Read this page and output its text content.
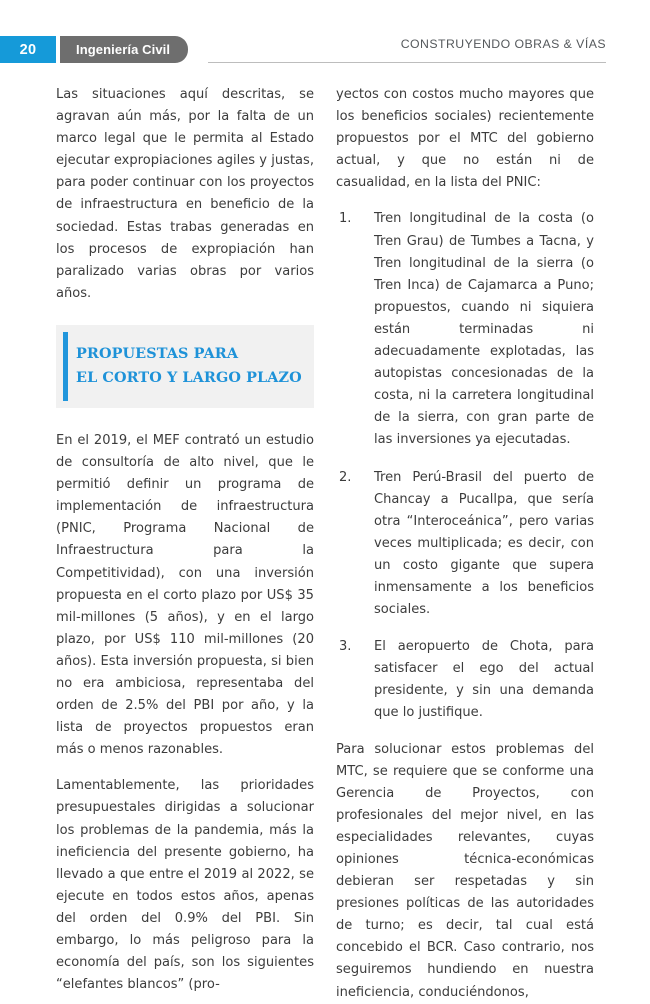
20	Ingeniería Civil	CONSTRUYENDO OBRAS & VÍAS

Las situaciones aquí descritas, se agravan aún más, por la falta de un marco legal que le permita al Estado ejecutar expropiaciones agiles y justas, para poder continuar con los proyectos de infraestructura en beneficio de la sociedad. Estas trabas generadas en los procesos de expropiación han paralizado varias obras por varios años.

PROPUESTAS PARA
EL CORTO Y LARGO PLAZO

En el 2019, el MEF contrató un estudio de consultoría de alto nivel, que le permitió definir un programa de implementación de infraestructura (PNIC, Programa Nacional de Infraestructura para la Competitividad), con una inversión propuesta en el corto plazo por US$ 35 mil-millones (5 años), y en el largo plazo, por US$ 110 mil-millones (20 años). Esta inversión propuesta, si bien no era ambiciosa, representaba del orden de 2.5% del PBI por año, y la lista de proyectos propuestos eran más o menos razonables.

Lamentablemente, las prioridades presupuestales dirigidas a solucionar los problemas de la pandemia, más la ineficiencia del presente gobierno, ha llevado a que entre el 2019 al 2022, se ejecute en todos estos años, apenas del orden del 0.9% del PBI. Sin embargo, lo más peligroso para la economía del país, son los siguientes “elefantes blancos” (pro-

yectos con costos mucho mayores que los beneficios sociales) recientemente propuestos por el MTC del gobierno actual, y que no están ni de casualidad, en la lista del PNIC:

1. Tren longitudinal de la costa (o Tren Grau) de Tumbes a Tacna, y Tren longitudinal de la sierra (o Tren Inca) de Cajamarca a Puno; propuestos, cuando ni siquiera están terminadas ni adecuadamente explotadas, las autopistas concesionadas de la costa, ni la carretera longitudinal de la sierra, con gran parte de las inversiones ya ejecutadas.
2. Tren Perú-Brasil del puerto de Chancay a Pucallpa, que sería otra “Interoceánica”, pero varias veces multiplicada; es decir, con un costo gigante que supera inmensamente a los beneficios sociales.
3. El aeropuerto de Chota, para satisfacer el ego del actual presidente, y sin una demanda que lo justifique.

Para solucionar estos problemas del MTC, se requiere que se conforme una Gerencia de Proyectos, con profesionales del mejor nivel, en las especialidades relevantes, cuyas opiniones técnica-económicas debieran ser respetadas y sin presiones políticas de las autoridades de turno; es decir, tal cual está concebido el BCR. Caso contrario, nos seguiremos hundiendo en nuestra ineficiencia, conduciéndonos,
